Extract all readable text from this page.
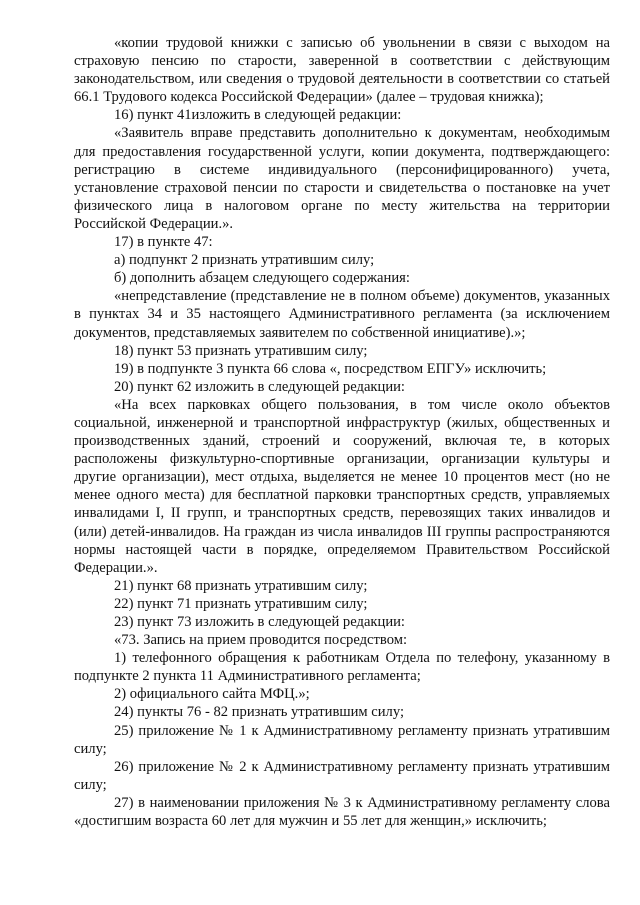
«копии трудовой книжки с записью об увольнении в связи с выходом на страховую пенсию по старости, заверенной в соответствии с действующим законодательством, или сведения о трудовой деятельности в соответствии со статьей 66.1 Трудового кодекса Российской Федерации» (далее – трудовая книжка);

16) пункт 41изложить в следующей редакции:

«Заявитель вправе представить дополнительно к документам, необходимым для предоставления государственной услуги, копии документа, подтверждающего: регистрацию в системе индивидуального (персонифицированного) учета, установление страховой пенсии по старости и свидетельства о постановке на учет физического лица в налоговом органе по месту жительства на территории Российской Федерации.».

17) в пункте 47:

а) подпункт 2 признать утратившим силу;

б) дополнить абзацем следующего содержания:

«непредставление (представление не в полном объеме) документов, указанных в пунктах 34 и 35 настоящего Административного регламента (за исключением документов, представляемых заявителем по собственной инициативе).»;

18) пункт 53 признать утратившим силу;

19) в подпункте 3 пункта 66 слова «, посредством ЕПГУ» исключить;

20) пункт 62 изложить в следующей редакции:

«На всех парковках общего пользования, в том числе около объектов социальной, инженерной и транспортной инфраструктур (жилых, общественных и производственных зданий, строений и сооружений, включая те, в которых расположены физкультурно-спортивные организации, организации культуры и другие организации), мест отдыха, выделяется не менее 10 процентов мест (но не менее одного места) для бесплатной парковки транспортных средств, управляемых инвалидами I, II групп, и транспортных средств, перевозящих таких инвалидов и (или) детей-инвалидов. На граждан из числа инвалидов III группы распространяются нормы настоящей части в порядке, определяемом Правительством Российской Федерации.».

21) пункт 68 признать утратившим силу;

22) пункт 71 признать утратившим силу;

23) пункт 73 изложить в следующей редакции:

«73. Запись на прием проводится посредством:

1) телефонного обращения к работникам Отдела по телефону, указанному в подпункте 2 пункта 11 Административного регламента;

2) официального сайта МФЦ.»;

24) пункты 76 - 82 признать утратившим силу;

25) приложение № 1 к Административному регламенту признать утратившим силу;

26) приложение № 2 к Административному регламенту признать утратившим силу;

27) в наименовании приложения № 3 к Административному регламенту слова «достигшим возраста 60 лет для мужчин и 55 лет для женщин,» исключить;
